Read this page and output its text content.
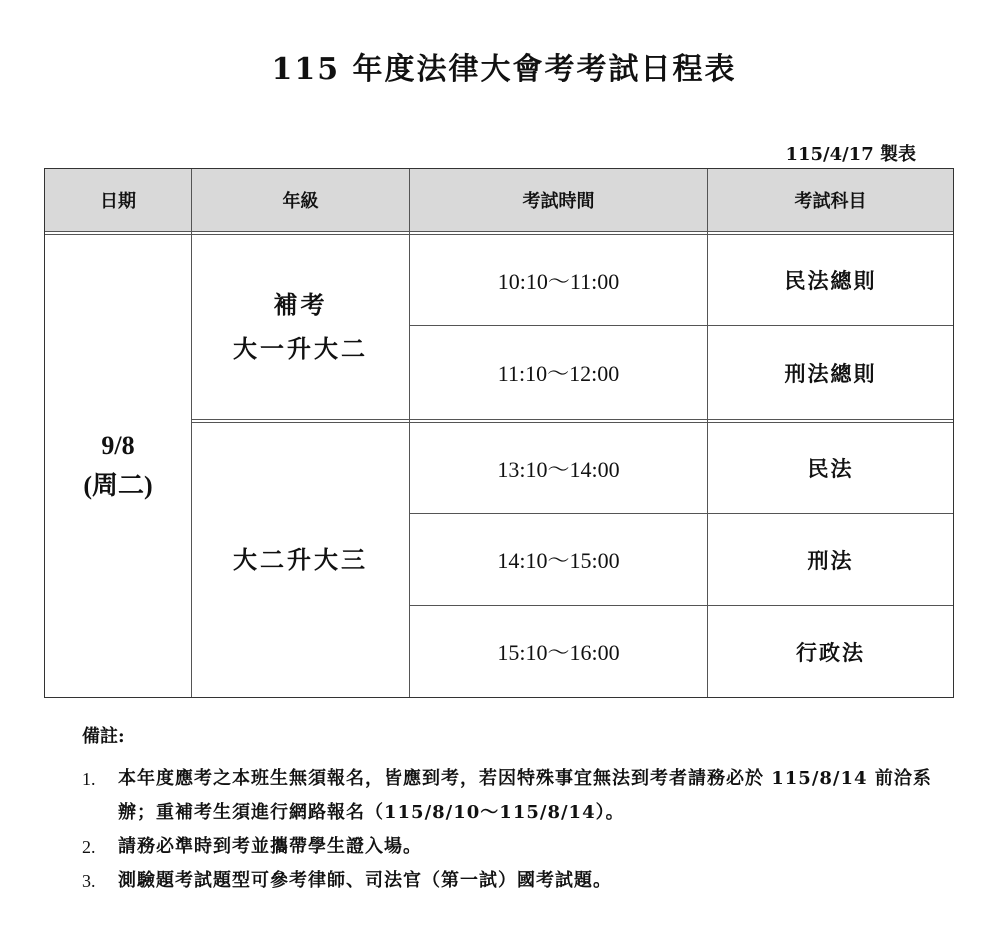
115 年度法律大會考考試日程表
115/4/17 製表
日期	年級	考試時間	考試科目
9/8
(周二)
補考
大一升大二
10:10～11:00	民法總則
11:10～12:00	刑法總則
大二升大三
13:10～14:00	民法
14:10～15:00	刑法
15:10～16:00	行政法
備註:
1.	本年度應考之本班生無須報名，皆應到考，若因特殊事宜無法到考者請務必於 115/8/14 前洽系辦；重補考生須進行網路報名（115/8/10～115/8/14）。
2.	請務必準時到考並攜帶學生證入場。
3.	測驗題考試題型可參考律師、司法官（第一試）國考試題。
